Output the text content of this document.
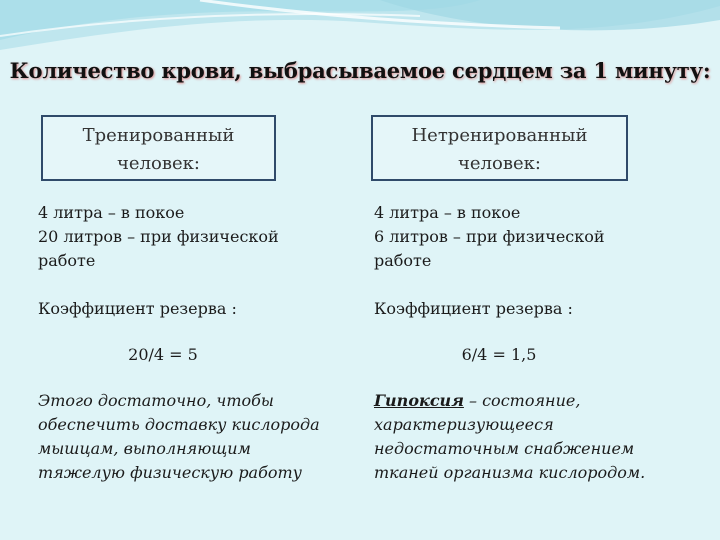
Количество крови, выбрасываемое сердцем за 1 минуту:
Тренированный
человек:
Нетренированный
человек:

4 литра – в покое

20 литров – при физической

работе

Коэффициент резерва :

20/4 = 5

Этого достаточно, чтобы

обеспечить доставку кислорода

мышцам, выполняющим

тяжелую физическую работу

4 литра – в покое

6 литров – при физической

работе

Коэффициент резерва :

6/4 = 1,5

Гипоксия – состояние,

характеризующееся

недостаточным снабжением

тканей организма кислородом.
